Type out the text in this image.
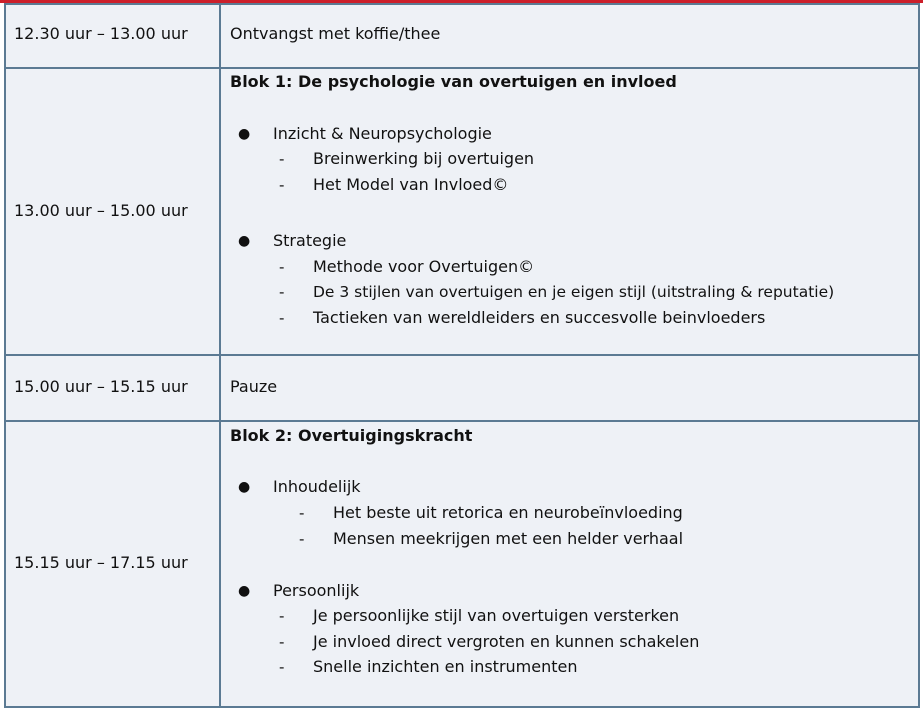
12.30 uur – 13.00 uur	Ontvangst met koffie/thee
13.00 uur – 15.00 uur
Blok 1: De psychologie van overtuigen en invloed
● Inzicht & Neuropsychologie
- Breinwerking bij overtuigen
- Het Model van Invloed©
● Strategie
- Methode voor Overtuigen©
- De 3 stijlen van overtuigen en je eigen stijl (uitstraling & reputatie)
- Tactieken van wereldleiders en succesvolle beinvloeders
15.00 uur – 15.15 uur	Pauze
15.15 uur – 17.15 uur
Blok 2: Overtuigingskracht
● Inhoudelijk
- Het beste uit retorica en neurobeïnvloeding
- Mensen meekrijgen met een helder verhaal
● Persoonlijk
- Je persoonlijke stijl van overtuigen versterken
- Je invloed direct vergroten en kunnen schakelen
- Snelle inzichten en instrumenten
